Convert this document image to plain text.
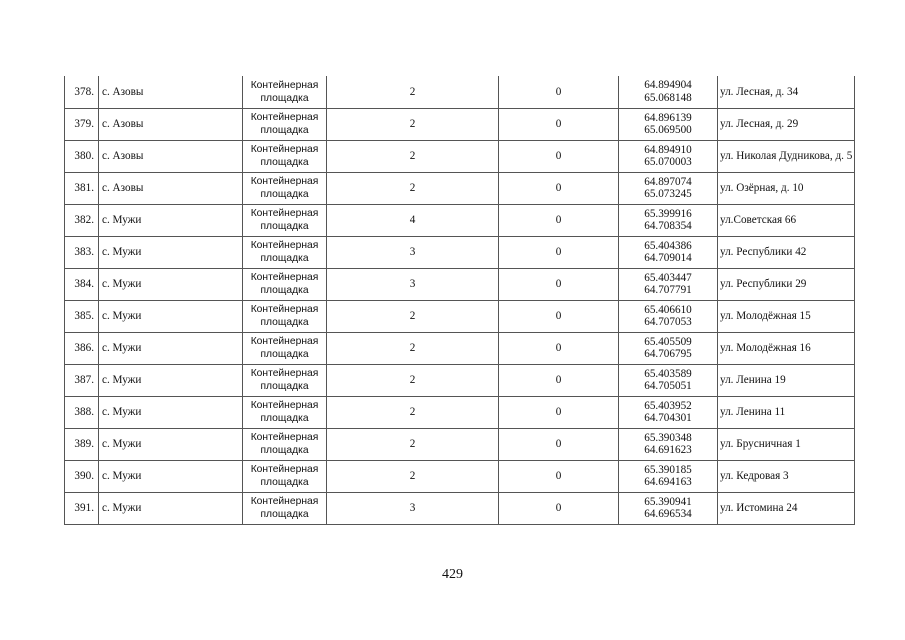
378.	с. Азовы	Контейнерная
площадка	2	0	64.894904
65.068148	ул. Лесная, д. 34
379.	с. Азовы	Контейнерная
площадка	2	0	64.896139
65.069500	ул. Лесная, д. 29
380.	с. Азовы	Контейнерная
площадка	2	0	64.894910
65.070003	ул. Николая Дудникова, д. 5
381.	с. Азовы	Контейнерная
площадка	2	0	64.897074
65.073245	ул. Озёрная, д. 10
382.	с. Мужи	Контейнерная
площадка	4	0	65.399916
64.708354	ул.Советская 66
383.	с. Мужи	Контейнерная
площадка	3	0	65.404386
64.709014	ул. Республики 42
384.	с. Мужи	Контейнерная
площадка	3	0	65.403447
64.707791	ул. Республики 29
385.	с. Мужи	Контейнерная
площадка	2	0	65.406610
64.707053	ул. Молодёжная 15
386.	с. Мужи	Контейнерная
площадка	2	0	65.405509
64.706795	ул. Молодёжная 16
387.	с. Мужи	Контейнерная
площадка	2	0	65.403589
64.705051	ул. Ленина 19
388.	с. Мужи	Контейнерная
площадка	2	0	65.403952
64.704301	ул. Ленина 11
389.	с. Мужи	Контейнерная
площадка	2	0	65.390348
64.691623	ул. Брусничная 1
390.	с. Мужи	Контейнерная
площадка	2	0	65.390185
64.694163	ул. Кедровая 3
391.	с. Мужи	Контейнерная
площадка	3	0	65.390941
64.696534	ул. Истомина 24
429
